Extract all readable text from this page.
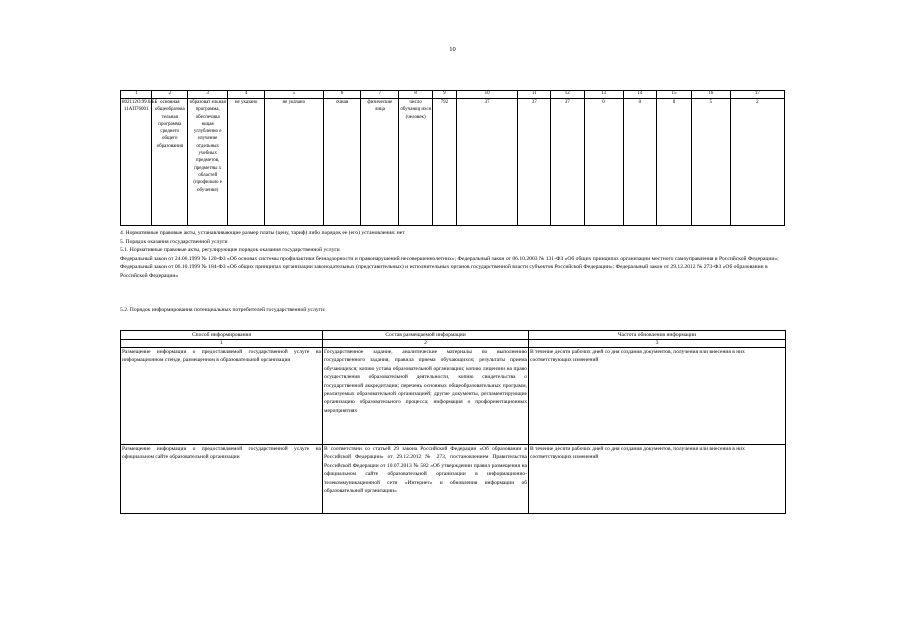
10
1	2	3	4	5	6	7	8	9	10	11	12	13	14	15	16	17
802112О.99.0.ББ 11АП76001	основная общеобразова тельная программа среднего общего образования	образоват ельная программа, обеспечива ющая углубленно е изучение отдельных учебных предметов, предметны х областей (профильно е обучение)	не указано	не указано	очная	физические лица	число обучающ ихся (человек)	792	37	37	37	0	0	0	5	2

4. Нормативные правовые акты, устанавливающие размер платы (цену, тариф) либо порядок ее (его) установления: нет

5. Порядок оказания государственной услуги

5.1. Нормативные правовые акты, регулирующие порядок оказания государственной услуги

Федеральный закон от 24.06.1999 № 120-ФЗ «Об основах системы профилактики безнадзорности и правонарушений несовершеннолетних»; Федеральный закон от 06.10.2003 № 131-ФЗ «Об общих принципах организации местного самоуправления в Российской Федерации»; Федеральный закон от 06.10.1999 № 184-ФЗ «Об общих принципах организации законодательных (представительных) и исполнительных органов государственной власти субъектов Российской Федерации»; Федеральный закон от 29.12.2012 № 273-ФЗ «Об образовании в Российской Федерации»

5.2. Порядок информирования потенциальных потребителей государственной услуги:

Способ информирования	Состав размещаемой информации	Частота обновления информации
1	2	3
Размещение информации о предоставляемой государственной услуге на информационном стенде, размещенном в образовательной организации	Государственное задание, аналитические материалы по выполнению государственного задания, правила приема обучающихся; результаты приема обучающихся; копию устава образовательной организации; копию лицензии на право осуществления образовательной деятельности, копию свидетельства о государственной аккредитации; перечень основных общеобразовательных программ, реализуемых образовательной организацией; другие документы, регламентирующие организацию образовательного процесса; информация о профориентационных мероприятиях	В течение десяти рабочих дней со дня создания документов, получения или внесения в них соответствующих изменений
Размещение информации о предоставляемой государственной услуге на официальном сайте образовательной организации	В соответствии со статьей 29 закона Российской Федерации «Об образовании в Российской Федерации» от 29.12.2012 № 273, постановлением Правительства Российской Федерации от 10.07.2013 № 582 «Об утверждении правил размещения на официальном сайте образовательной организации в информационно-телекоммуникационной сети «Интернет» и обновления информации об образовательной организации»	В течение десяти рабочих дней со дня создания документов, получения или внесения в них соответствующих изменений
